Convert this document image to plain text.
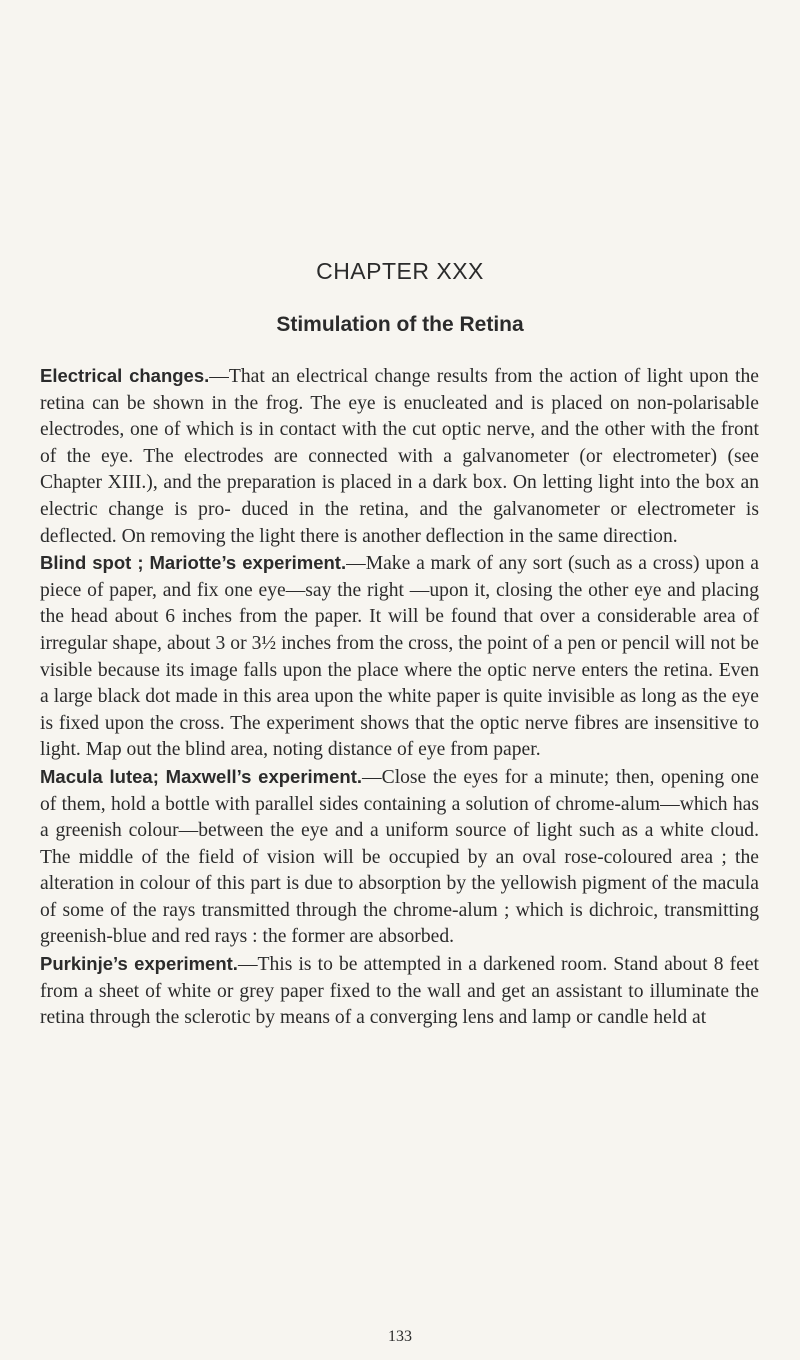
CHAPTER XXX
Stimulation of the Retina

Electrical changes.—That an electrical change results from the action of light upon the retina can be shown in the frog. The eye is enucleated and is placed on non-polarisable electrodes, one of which is in contact with the cut optic nerve, and the other with the front of the eye. The electrodes are connected with a galvanometer (or electrometer) (see Chapter XIII.), and the preparation is placed in a dark box. On letting light into the box an electric change is pro- duced in the retina, and the galvanometer or electrometer is deflected. On removing the light there is another deflection in the same direction.

Blind spot ; Mariotte’s experiment.—Make a mark of any sort (such as a cross) upon a piece of paper, and fix one eye—say the right —upon it, closing the other eye and placing the head about 6 inches from the paper. It will be found that over a considerable area of irregular shape, about 3 or 3½ inches from the cross, the point of a pen or pencil will not be visible because its image falls upon the place where the optic nerve enters the retina. Even a large black dot made in this area upon the white paper is quite invisible as long as the eye is fixed upon the cross. The experiment shows that the optic nerve fibres are insensitive to light. Map out the blind area, noting distance of eye from paper.

Macula lutea; Maxwell’s experiment.—Close the eyes for a minute; then, opening one of them, hold a bottle with parallel sides containing a solution of chrome-alum—which has a greenish colour—between the eye and a uniform source of light such as a white cloud. The middle of the field of vision will be occupied by an oval rose-coloured area ; the alteration in colour of this part is due to absorption by the yellowish pigment of the macula of some of the rays transmitted through the chrome-alum ; which is dichroic, transmitting greenish-blue and red rays : the former are absorbed.

Purkinje’s experiment.—This is to be attempted in a darkened room. Stand about 8 feet from a sheet of white or grey paper fixed to the wall and get an assistant to illuminate the retina through the sclerotic by means of a converging lens and lamp or candle held at

133
